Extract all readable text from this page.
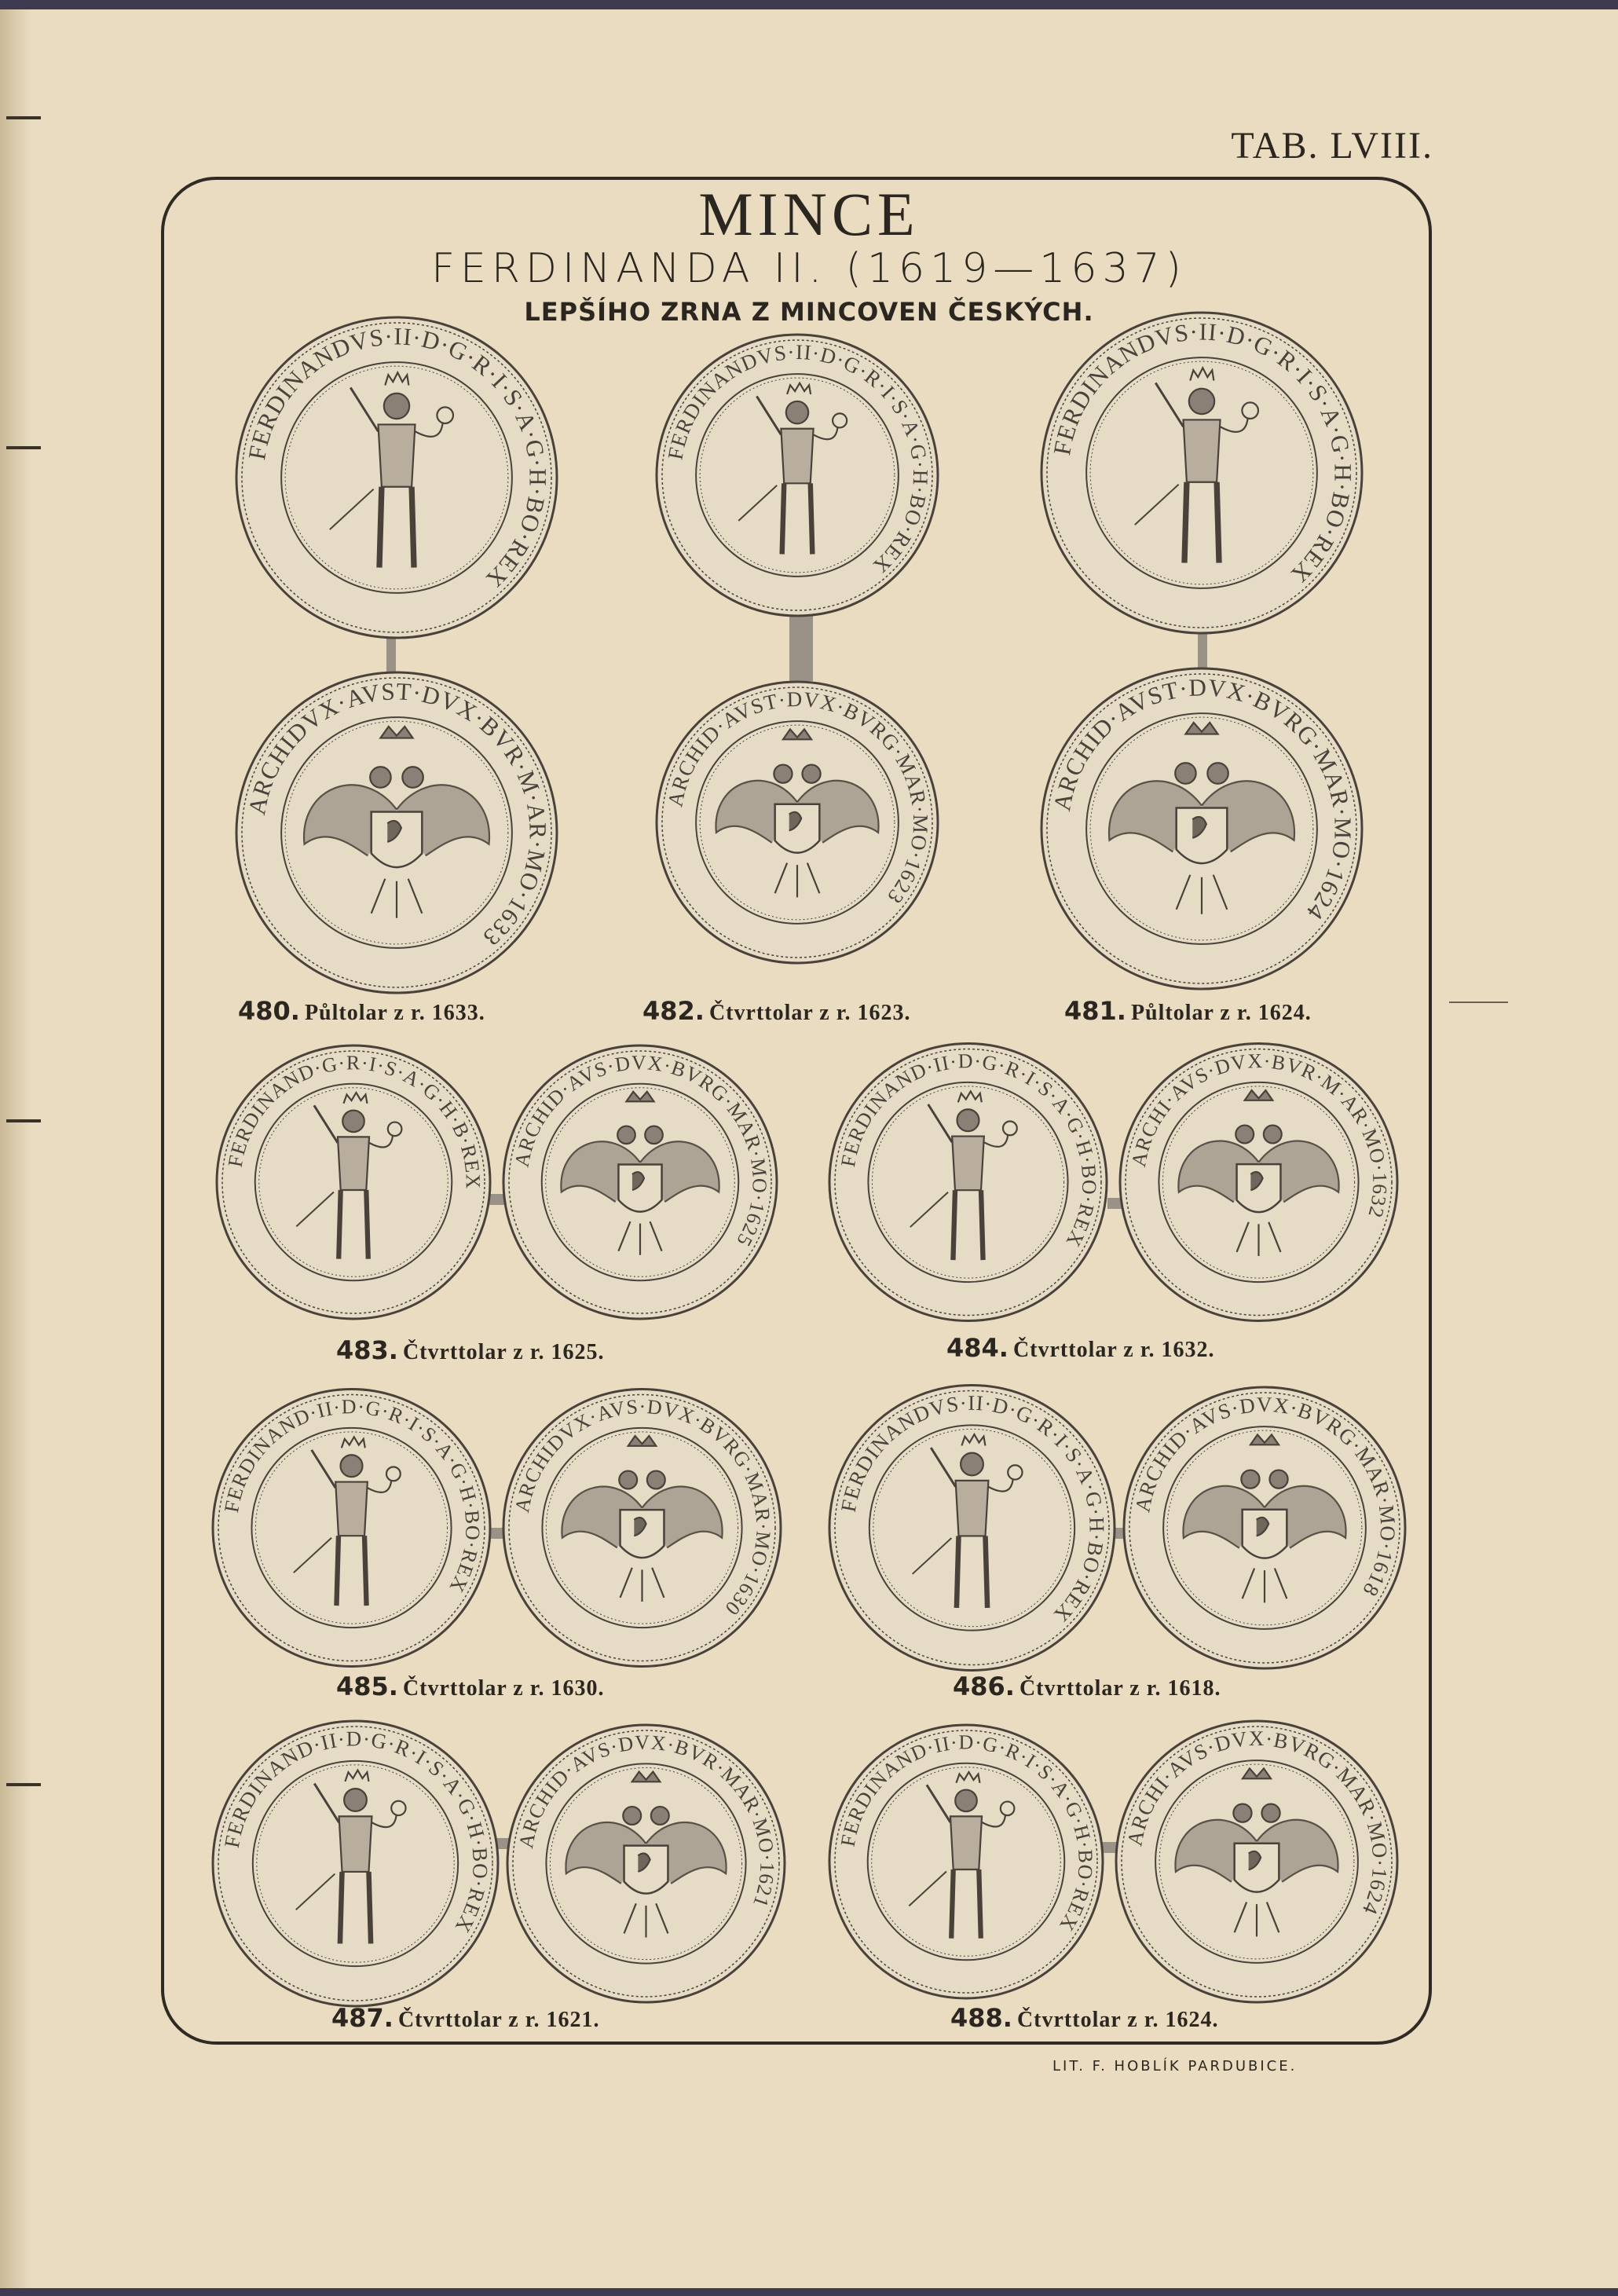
TAB. LVIII.
MINCE
FERDINANDA II. (1619—1637)
LEPŠÍHO ZRNA Z MINCOVEN ČESKÝCH.
FERDINANDVS·II·D·G·R·I·S·A·G·H·BO·REX
ARCHIDVX·AVST·DVX·BVR·M·AR·MO·1633
FERDINANDVS·II·D·G·R·I·S·A·G·H·BO·REX
ARCHID·AVST·DVX·BVRG·MAR·MO·1623
FERDINANDVS·II·D·G·R·I·S·A·G·H·BO·REX
ARCHID·AVST·DVX·BVRG·MAR·MO·1624
FERDINAND·G·R·I·S·A·G·H·B·REX
ARCHID·AVS·DVX·BVRG·MAR·MO·1625
FERDINAND·II·D·G·R·I·S·A·G·H·BO·REX
ARCHI·AVS·DVX·BVR·M·AR·MO·1632
FERDINAND·II·D·G·R·I·S·A·G·H·BO·REX
ARCHIDVX·AVS·DVX·BVRG·MAR·MO·1630
FERDINANDVS·II·D·G·R·I·S·A·G·H·BO·REX
ARCHID·AVS·DVX·BVRG·MAR·MO·1618
FERDINAND·II·D·G·R·I·S·A·G·H·BO·REX
ARCHID·AVS·DVX·BVR·MAR·MO·1621
FERDINAND·II·D·G·R·I·S·A·G·H·BO·REX
ARCHI·AVS·DVX·BVRG·MAR·MO·1624
480. Půltolar z r. 1633.	482. Čtvrttolar z r. 1623.	481. Půltolar z r. 1624.
483. Čtvrttolar z r. 1625.	484. Čtvrttolar z r. 1632.
485. Čtvrttolar z r. 1630.	486. Čtvrttolar z r. 1618.
487. Čtvrttolar z r. 1621.	488. Čtvrttolar z r. 1624.
LIT. F. HOBLÍK PARDUBICE.
